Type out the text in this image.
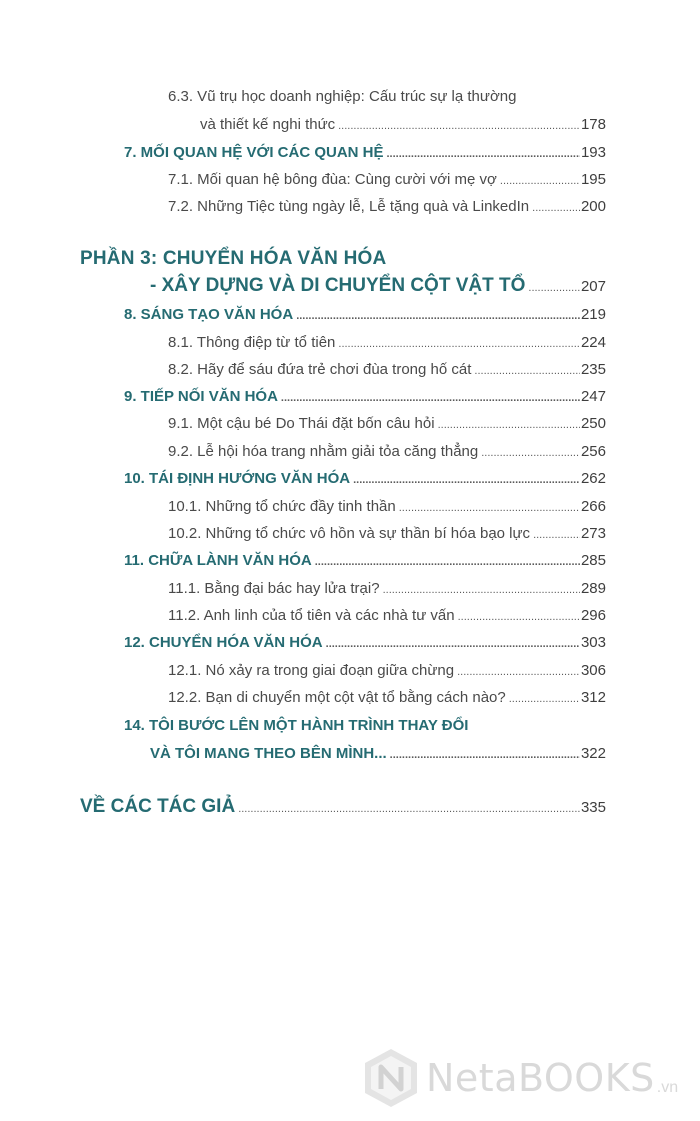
6.3. Vũ trụ học doanh nghiệp: Cấu trúc sự lạ thường
và thiết kế nghi thức .....	178
7. MỐI QUAN HỆ VỚI CÁC QUAN HỆ .....	193
7.1. Mối quan hệ bông đùa: Cùng cười với mẹ vợ .....	195
7.2. Những Tiệc tùng ngày lễ, Lễ tặng quà và LinkedIn .....	200
PHẦN 3: CHUYỂN HÓA VĂN HÓA
- XÂY DỰNG VÀ DI CHUYỂN CỘT VẬT TỔ .....	207
8. SÁNG TẠO VĂN HÓA .....	219
8.1. Thông điệp từ tổ tiên .....	224
8.2. Hãy để sáu đứa trẻ chơi đùa trong hố cát .....	235
9. TIẾP NỐI VĂN HÓA .....	247
9.1. Một cậu bé Do Thái đặt bốn câu hỏi .....	250
9.2. Lễ hội hóa trang nhằm giải tỏa căng thẳng .....	256
10. TÁI ĐỊNH HƯỚNG VĂN HÓA .....	262
10.1. Những tổ chức đầy tinh thần .....	266
10.2. Những tổ chức vô hồn và sự thần bí hóa bạo lực .....	273
11. CHỮA LÀNH VĂN HÓA .....	285
11.1. Bằng đại bác hay lửa trại? .....	289
11.2. Anh linh của tổ tiên và các nhà tư vấn .....	296
12. CHUYỂN HÓA VĂN HÓA .....	303
12.1. Nó xảy ra trong giai đoạn giữa chừng .....	306
12.2. Bạn di chuyển một cột vật tổ bằng cách nào? .....	312
14. TÔI BƯỚC LÊN MỘT HÀNH TRÌNH THAY ĐỔI
VÀ TÔI MANG THEO BÊN MÌNH... .....	322
VỀ CÁC TÁC GIẢ .....	335
NetaBOOKS .vn
